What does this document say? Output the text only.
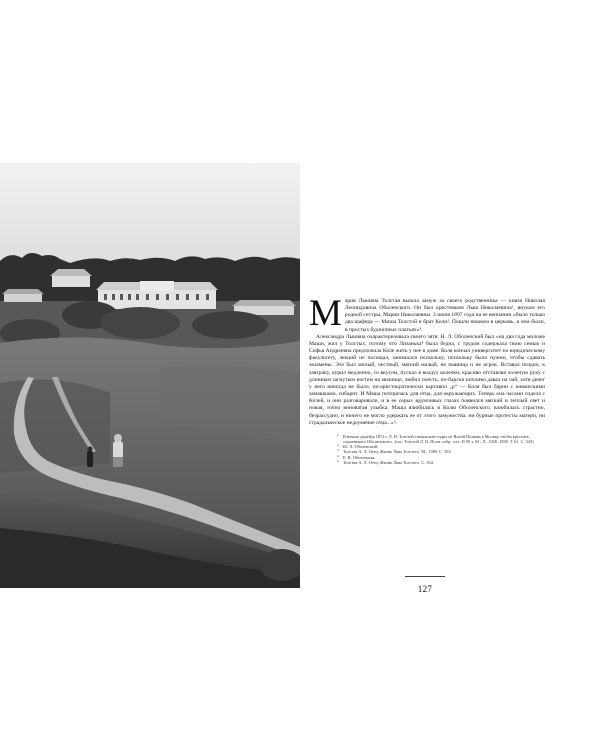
Мария Львовна Толстая вышла замуж за своего родственника — князя Николая Леонидовича Оболенского. Он был крестником Льва Николаевича¹, внуком его родной сестры, Марии Николаевны. 2 июня 1897 года на ее венчании «было только два шафера — Миша Толстой и брат Коли². Пошли пешком в церковь, в чем были, в простых будничных платьях»³.

Александра Львовна охарактеризовала своего зятя: Н. Л. Оболенский был «на два года моложе Маши, жил у Толстых, потому что Лизанька⁴ была бедна, с трудом содержала свою семью и Софья Андреевна предложила Коле жить у нее в доме. Коля кончал университет по юридическому факультету, лекций не посещал, занимался поскольку, поскольку было нужно, чтобы сдавать экзамены. Это был милый, честный, мягкий малый, не пьяница и не игрок. Вставал поздно, к завтраку, курил медленно, со вкусом, пускал в воздух колечки, красиво отставляя холеную руку с длинным загнутым ногтем на мизинце, любил поесть, по-барски кичливо давал на чай, хотя денег у него никогда не было, по-аристократически картавил „р“ — Коля был барин с княжескими замашками, сибарит. И Маша потерялась для отца, для окружающих. Теперь она часами сидела с Колей, и они разговаривали, и в ее серых вдумчивых глазах появился мягкий и теплый свет и новая, точно виноватая улыбка. Маша влюбилась в Колю Оболенского, влюбилась страстно, безрассудно, и ничего не могло удержать ее от этого замужества: ни бурные протесты матери, ни страдальческое недоумение отца...»⁵.

1 В начале декабря 1872 г. Л. Н. Толстой специально ездил из Ясной Поляны в Москву, чтобы крестить «маленького Оболенского». (см.: Толстой Л. Н. Полн. собр. соч.: В 90 т. М.; Л., 1928–1958. Т. 61. С. 343).

2 Ю. Л. Оболенский.

3 Толстая А. Л. Отец. Жизнь Льва Толстого. М., 1989. С. 354.

4 Е. В. Оболенская.

5 Толстая А. Л. Отец. Жизнь Льва Толстого. С. 354.

127
